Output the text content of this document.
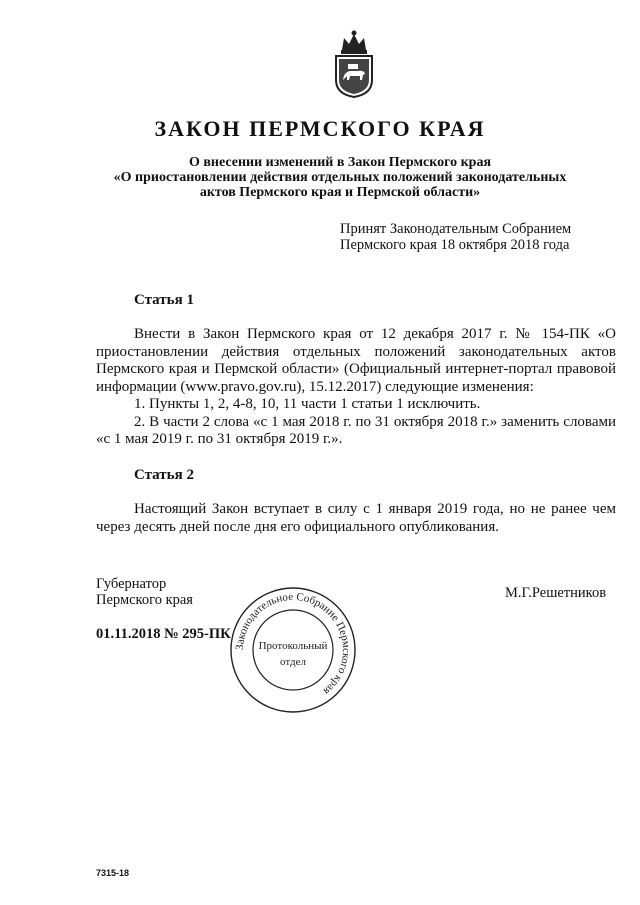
ЗАКОН ПЕРМСКОГО КРАЯ
О внесении изменений в Закон Пермского края
«О приостановлении действия отдельных положений законодательных
актов Пермского края и Пермской области»
Принят Законодательным Собранием
Пермского края 18 октября 2018 года
Статья 1

Внести в Закон Пермского края от 12 декабря 2017 г. № 154-ПК «О приостановлении действия отдельных положений законодательных актов Пермского края и Пермской области» (Официальный интернет-портал правовой информации (www.pravo.gov.ru), 15.12.2017) следующие изменения:

1. Пункты 1, 2, 4-8, 10, 11 части 1 статьи 1 исключить.

2. В части 2 слова «с 1 мая 2018 г. по 31 октября 2018 г.» заменить словами «с 1 мая 2019 г. по 31 октября 2019 г.».

Статья 2

Настоящий Закон вступает в силу с 1 января 2019 года, но не ранее чем через десять дней после дня его официального опубликования.

Губернатор
Пермского края	М.Г.Решетников
01.11.2018 № 295-ПК
Законодательное Собрание Пермского края
Протокольный
отдел
7315-18
